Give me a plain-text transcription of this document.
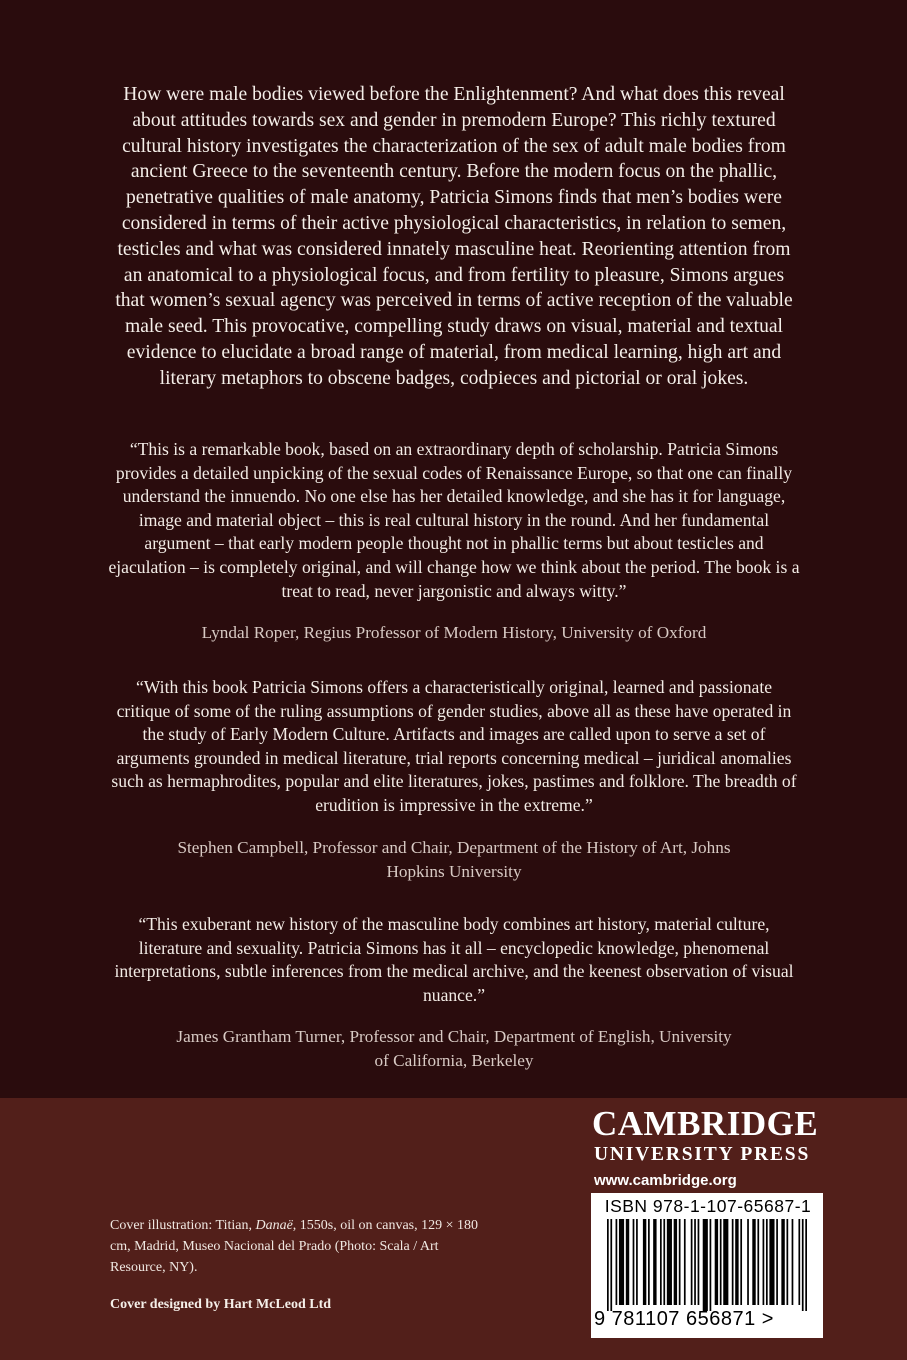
How were male bodies viewed before the Enlightenment? And what does this reveal about attitudes towards sex and gender in premodern Europe? This richly textured cultural history investigates the characterization of the sex of adult male bodies from ancient Greece to the seventeenth century. Before the modern focus on the phallic, penetrative qualities of male anatomy, Patricia Simons finds that men’s bodies were considered in terms of their active physiological characteristics, in relation to semen, testicles and what was considered innately masculine heat. Reorienting attention from an anatomical to a physiological focus, and from fertility to pleasure, Simons argues that women’s sexual agency was perceived in terms of active reception of the valuable male seed. This provocative, compelling study draws on visual, material and textual evidence to elucidate a broad range of material, from medical learning, high art and literary metaphors to obscene badges, codpieces and pictorial or oral jokes.

“This is a remarkable book, based on an extraordinary depth of scholarship. Patricia Simons provides a detailed unpicking of the sexual codes of Renaissance Europe, so that one can finally understand the innuendo. No one else has her detailed knowledge, and she has it for language, image and material object – this is real cultural history in the round. And her fundamental argument – that early modern people thought not in phallic terms but about testicles and ejaculation – is completely original, and will change how we think about the period. The book is a treat to read, never jargonistic and always witty.”

Lyndal Roper, Regius Professor of Modern History, University of Oxford

“With this book Patricia Simons offers a characteristically original, learned and passionate critique of some of the ruling assumptions of gender studies, above all as these have operated in the study of Early Modern Culture. Artifacts and images are called upon to serve a set of arguments grounded in medical literature, trial reports concerning medical – juridical anomalies such as hermaphrodites, popular and elite literatures, jokes, pastimes and folklore. The breadth of erudition is impressive in the extreme.”

Stephen Campbell, Professor and Chair, Department of the History of Art, Johns Hopkins University

“This exuberant new history of the masculine body combines art history, material culture, literature and sexuality. Patricia Simons has it all – encyclopedic knowledge, phenomenal interpretations, subtle inferences from the medical archive, and the keenest observation of visual nuance.”

James Grantham Turner, Professor and Chair, Department of English, University of California, Berkeley

Cover illustration: Titian, Danaë, 1550s, oil on canvas, 129 × 180 cm, Madrid, Museo Nacional del Prado (Photo: Scala / Art Resource, NY).

Cover designed by Hart McLeod Ltd

CAMBRIDGE
UNIVERSITY PRESS
www.cambridge.org
ISBN 978-1-107-65687-1
9 781107 656871 >
